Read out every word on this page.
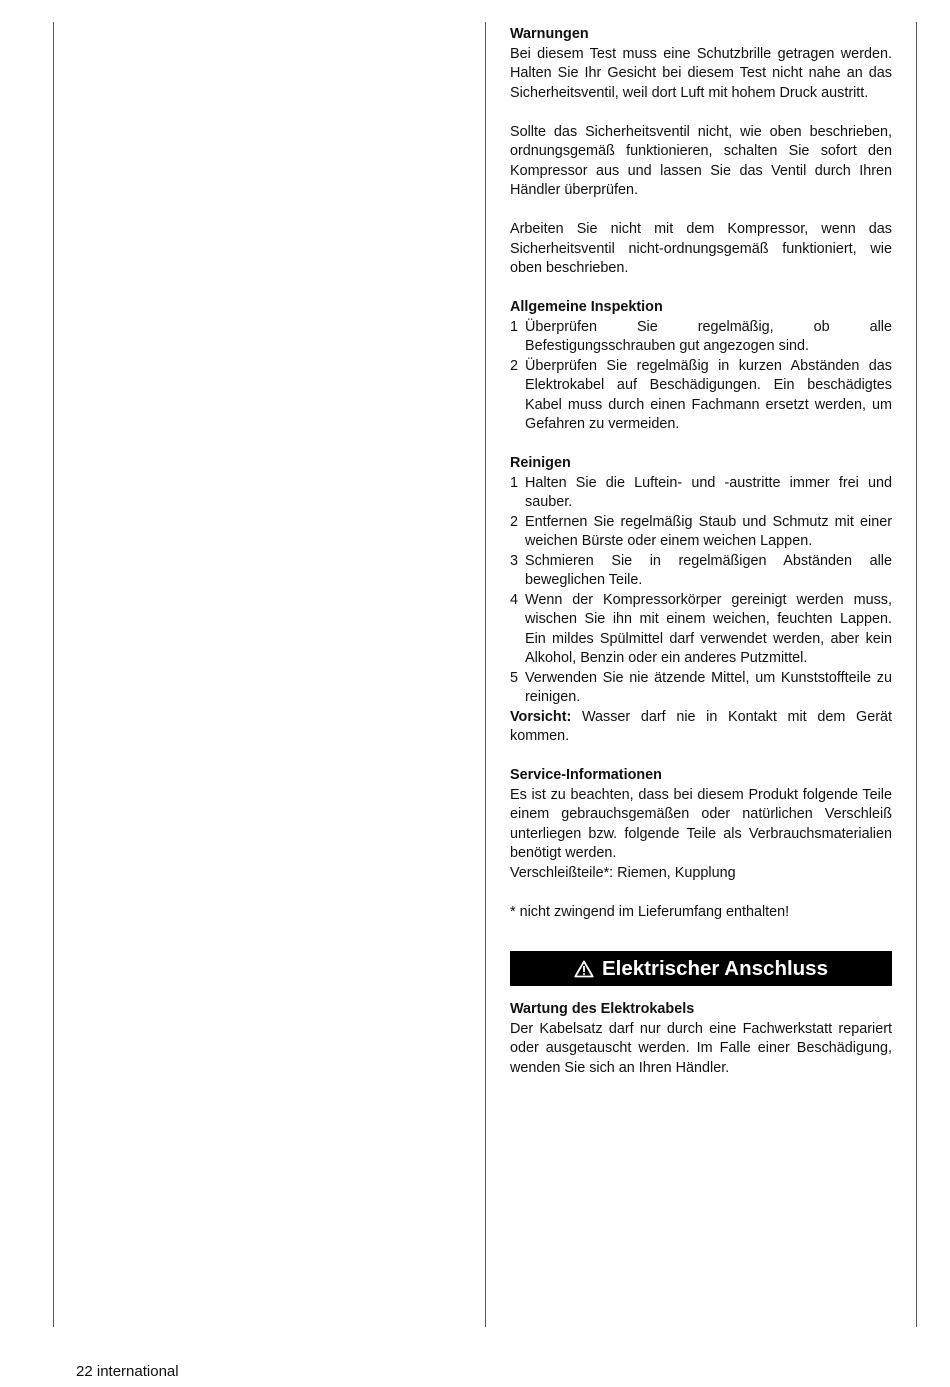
Warnungen

Bei diesem Test muss eine Schutzbrille getragen werden. Halten Sie Ihr Gesicht bei diesem Test nicht nahe an das Sicherheitsventil, weil dort Luft mit hohem Druck austritt.

Sollte das Sicherheitsventil nicht, wie oben beschrieben, ordnungsgemäß funktionieren, schalten Sie sofort den Kompressor aus und lassen Sie das Ventil durch Ihren Händler überprüfen.

Arbeiten Sie nicht mit dem Kompressor, wenn das Sicherheitsventil nicht-ordnungsgemäß funktioniert, wie oben beschrieben.

Allgemeine Inspektion
1 Überprüfen Sie regelmäßig, ob alle Befestigungsschrauben gut angezogen sind.
2 Überprüfen Sie regelmäßig in kurzen Abständen das Elektrokabel auf Beschädigungen. Ein beschädigtes Kabel muss durch einen Fachmann ersetzt werden, um Gefahren zu vermeiden.
Reinigen
1 Halten Sie die Luftein- und -austritte immer frei und sauber.
2 Entfernen Sie regelmäßig Staub und Schmutz mit einer weichen Bürste oder einem weichen Lappen.
3 Schmieren Sie in regelmäßigen Abständen alle beweglichen Teile.
4 Wenn der Kompressorkörper gereinigt werden muss, wischen Sie ihn mit einem weichen, feuchten Lappen. Ein mildes Spülmittel darf verwendet werden, aber kein Alkohol, Benzin oder ein anderes Putzmittel.
5 Verwenden Sie nie ätzende Mittel, um Kunststoffteile zu reinigen.

Vorsicht: Wasser darf nie in Kontakt mit dem Gerät kommen.

Service-Informationen

Es ist zu beachten, dass bei diesem Produkt folgende Teile einem gebrauchsgemäßen oder natürlichen Verschleiß unterliegen bzw. folgende Teile als Verbrauchsmaterialien benötigt werden.

Verschleißteile*: Riemen, Kupplung

* nicht zwingend im Lieferumfang enthalten!

Elektrischer Anschluss
Wartung des Elektrokabels

Der Kabelsatz darf nur durch eine Fachwerkstatt repariert oder ausgetauscht werden. Im Falle einer Beschädigung, wenden Sie sich an Ihren Händler.

22 international
